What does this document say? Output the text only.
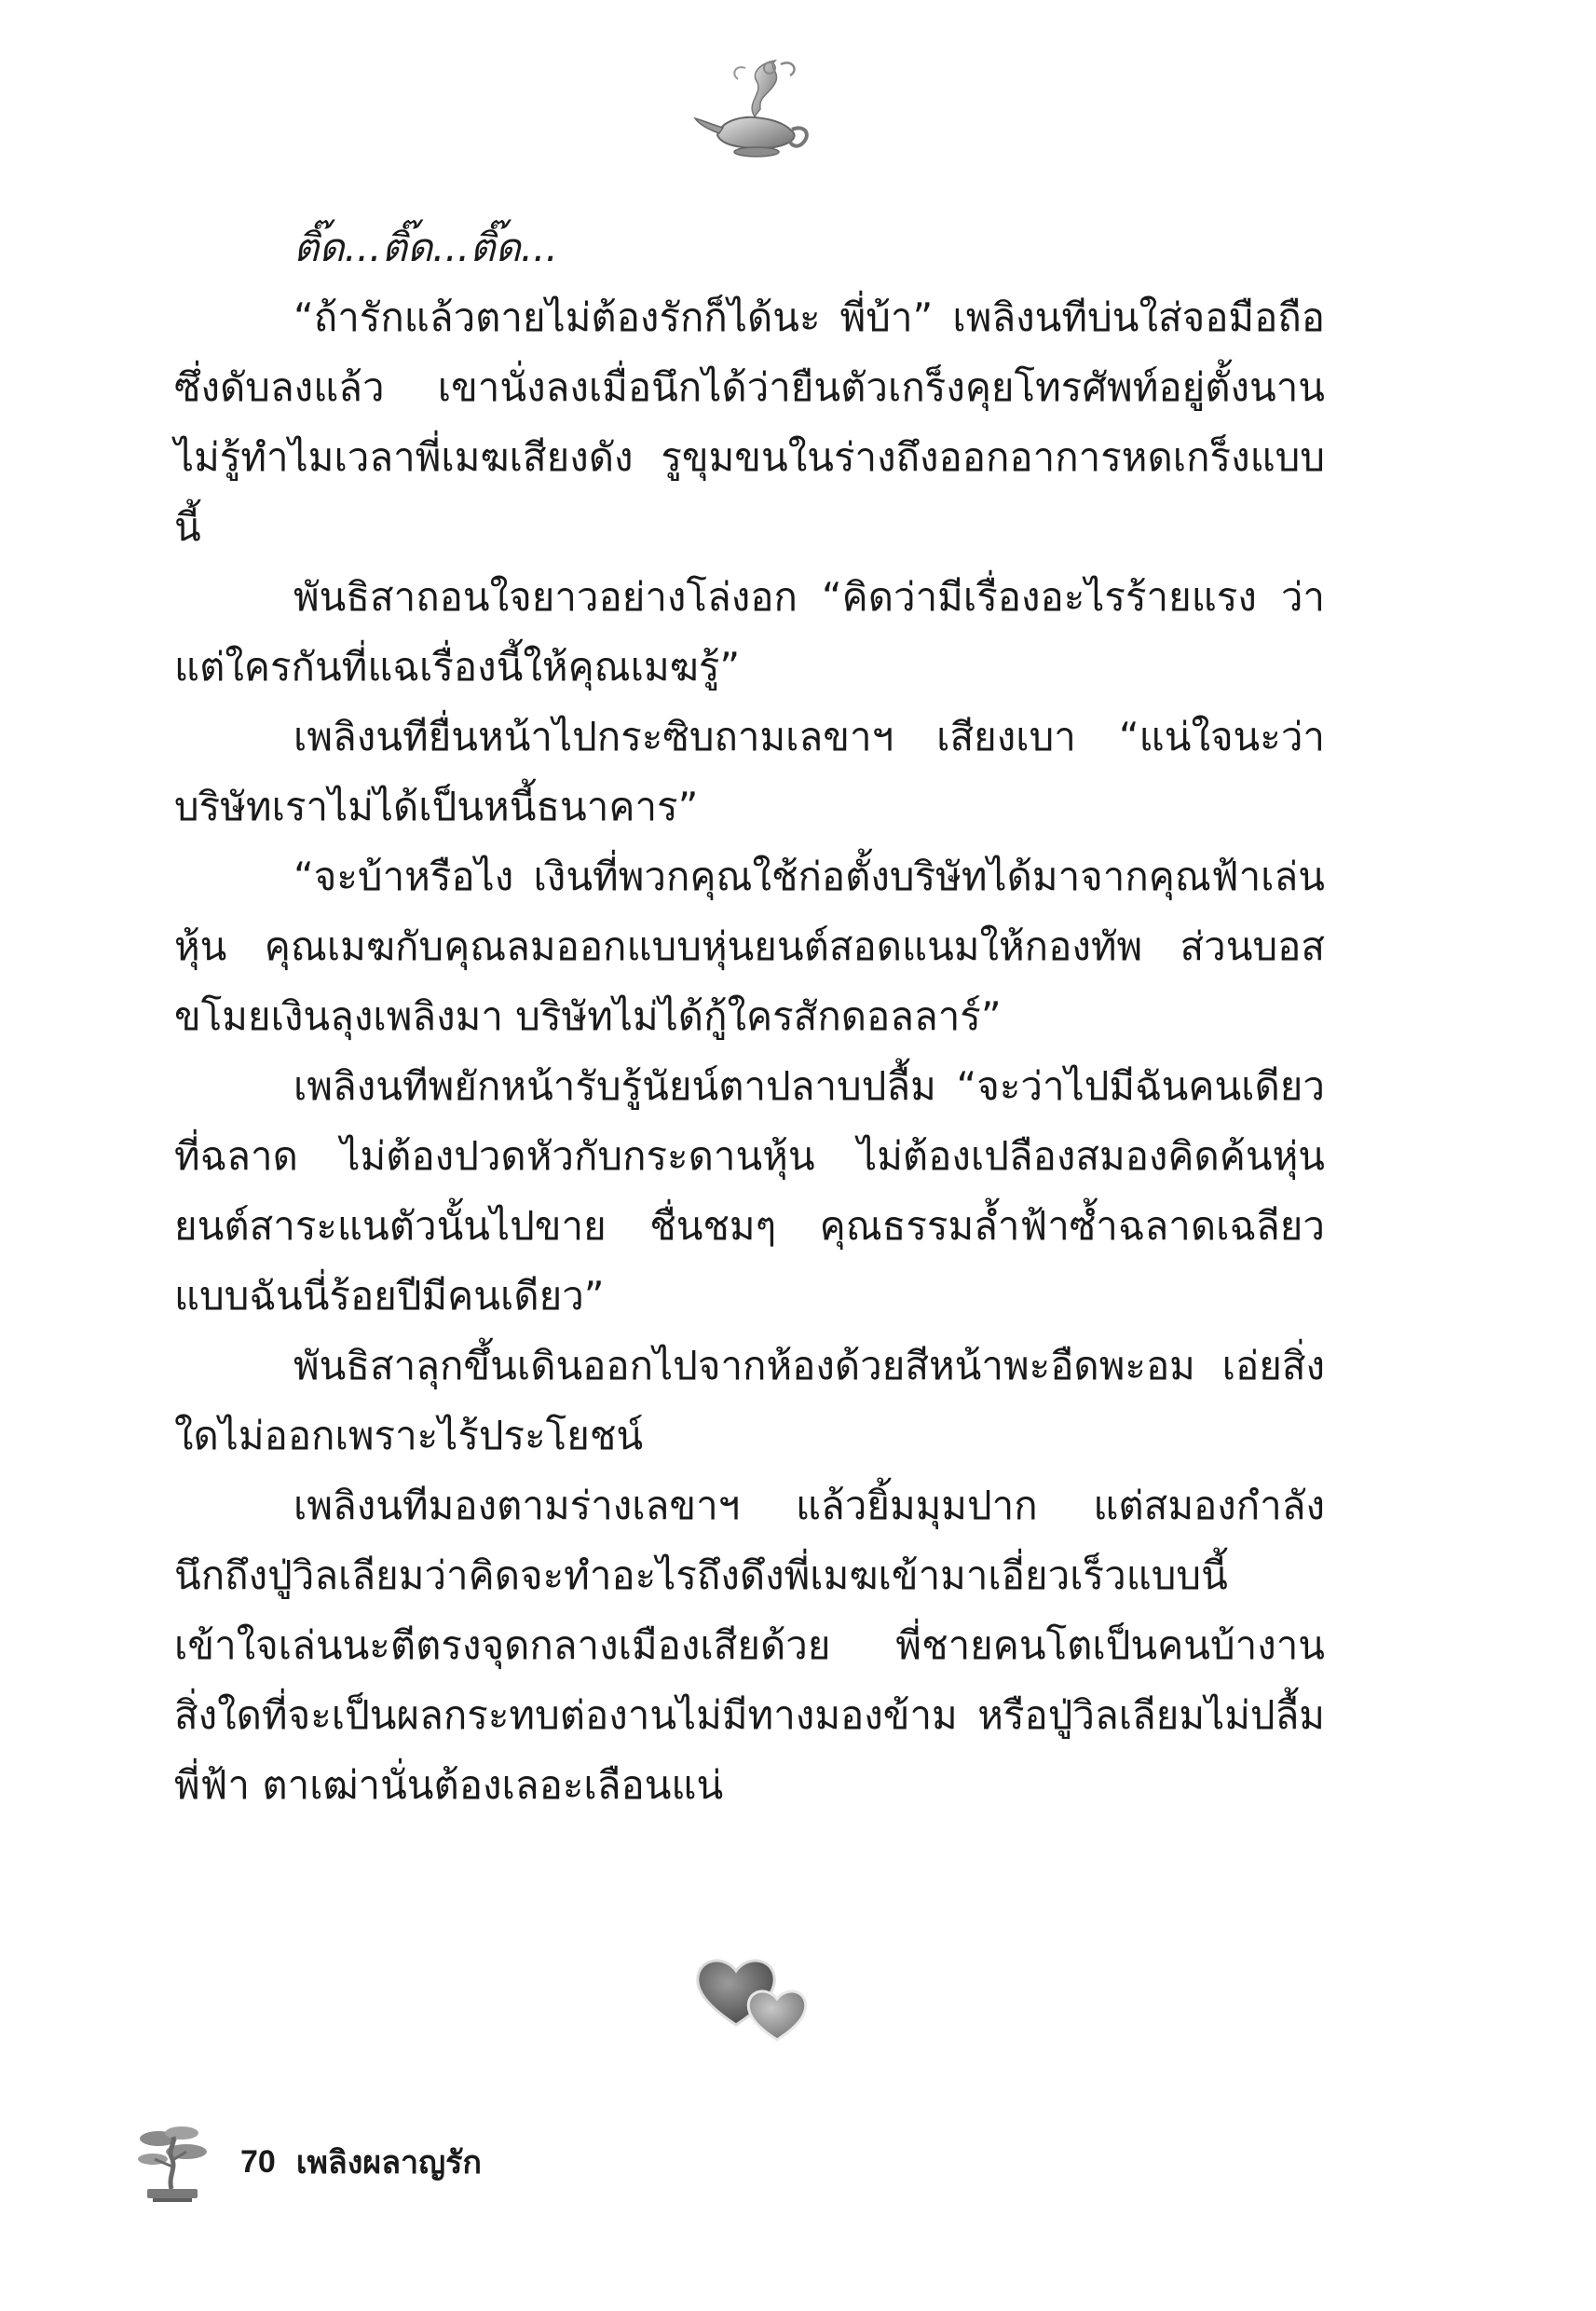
ติ๊ด...ติ๊ด...ติ๊ด...

“ถ้ารักแล้วตายไม่ต้องรักก็ได้นะ พี่บ้า” เพลิงนทีบ่นใส่จอมือถือซึ่งดับลงแล้ว เขานั่งลงเมื่อนึกได้ว่ายืนตัวเกร็งคุยโทรศัพท์อยู่ตั้งนาน ไม่รู้ทำไมเวลาพี่เมฆเสียงดัง รูขุมขนในร่างถึงออกอาการหดเกร็งแบบนี้

พันธิสาถอนใจยาวอย่างโล่งอก “คิดว่ามีเรื่องอะไรร้ายแรง ว่าแต่ใครกันที่แฉเรื่องนี้ให้คุณเมฆรู้”

เพลิงนทียื่นหน้าไปกระซิบถามเลขาฯ เสียงเบา “แน่ใจนะว่าบริษัทเราไม่ได้เป็นหนี้ธนาคาร”

“จะบ้าหรือไง เงินที่พวกคุณใช้ก่อตั้งบริษัทได้มาจากคุณฟ้าเล่นหุ้น คุณเมฆกับคุณลมออกแบบหุ่นยนต์สอดแนมให้กองทัพ ส่วนบอสขโมยเงินลุงเพลิงมา บริษัทไม่ได้กู้ใครสักดอลลาร์”

เพลิงนทีพยักหน้ารับรู้นัยน์ตาปลาบปลื้ม “จะว่าไปมีฉันคนเดียวที่ฉลาด ไม่ต้องปวดหัวกับกระดานหุ้น ไม่ต้องเปลืองสมองคิดค้นหุ่นยนต์สาระแนตัวนั้นไปขาย ชื่นชมๆ คุณธรรมล้ำฟ้าซ้ำฉลาดเฉลียวแบบฉันนี่ร้อยปีมีคนเดียว”

พันธิสาลุกขึ้นเดินออกไปจากห้องด้วยสีหน้าพะอืดพะอม เอ่ยสิ่งใดไม่ออกเพราะไร้ประโยชน์

เพลิงนทีมองตามร่างเลขาฯ แล้วยิ้มมุมปาก แต่สมองกำลังนึกถึงปู่วิลเลียมว่าคิดจะทำอะไรถึงดึงพี่เมฆเข้ามาเอี่ยวเร็วแบบนี้ เข้าใจเล่นนะตีตรงจุดกลางเมืองเสียด้วย พี่ชายคนโตเป็นคนบ้างาน สิ่งใดที่จะเป็นผลกระทบต่องานไม่มีทางมองข้าม หรือปู่วิลเลียมไม่ปลื้มพี่ฟ้า ตาเฒ่านั่นต้องเลอะเลือนแน่

70 เพลิงผลาญรัก
